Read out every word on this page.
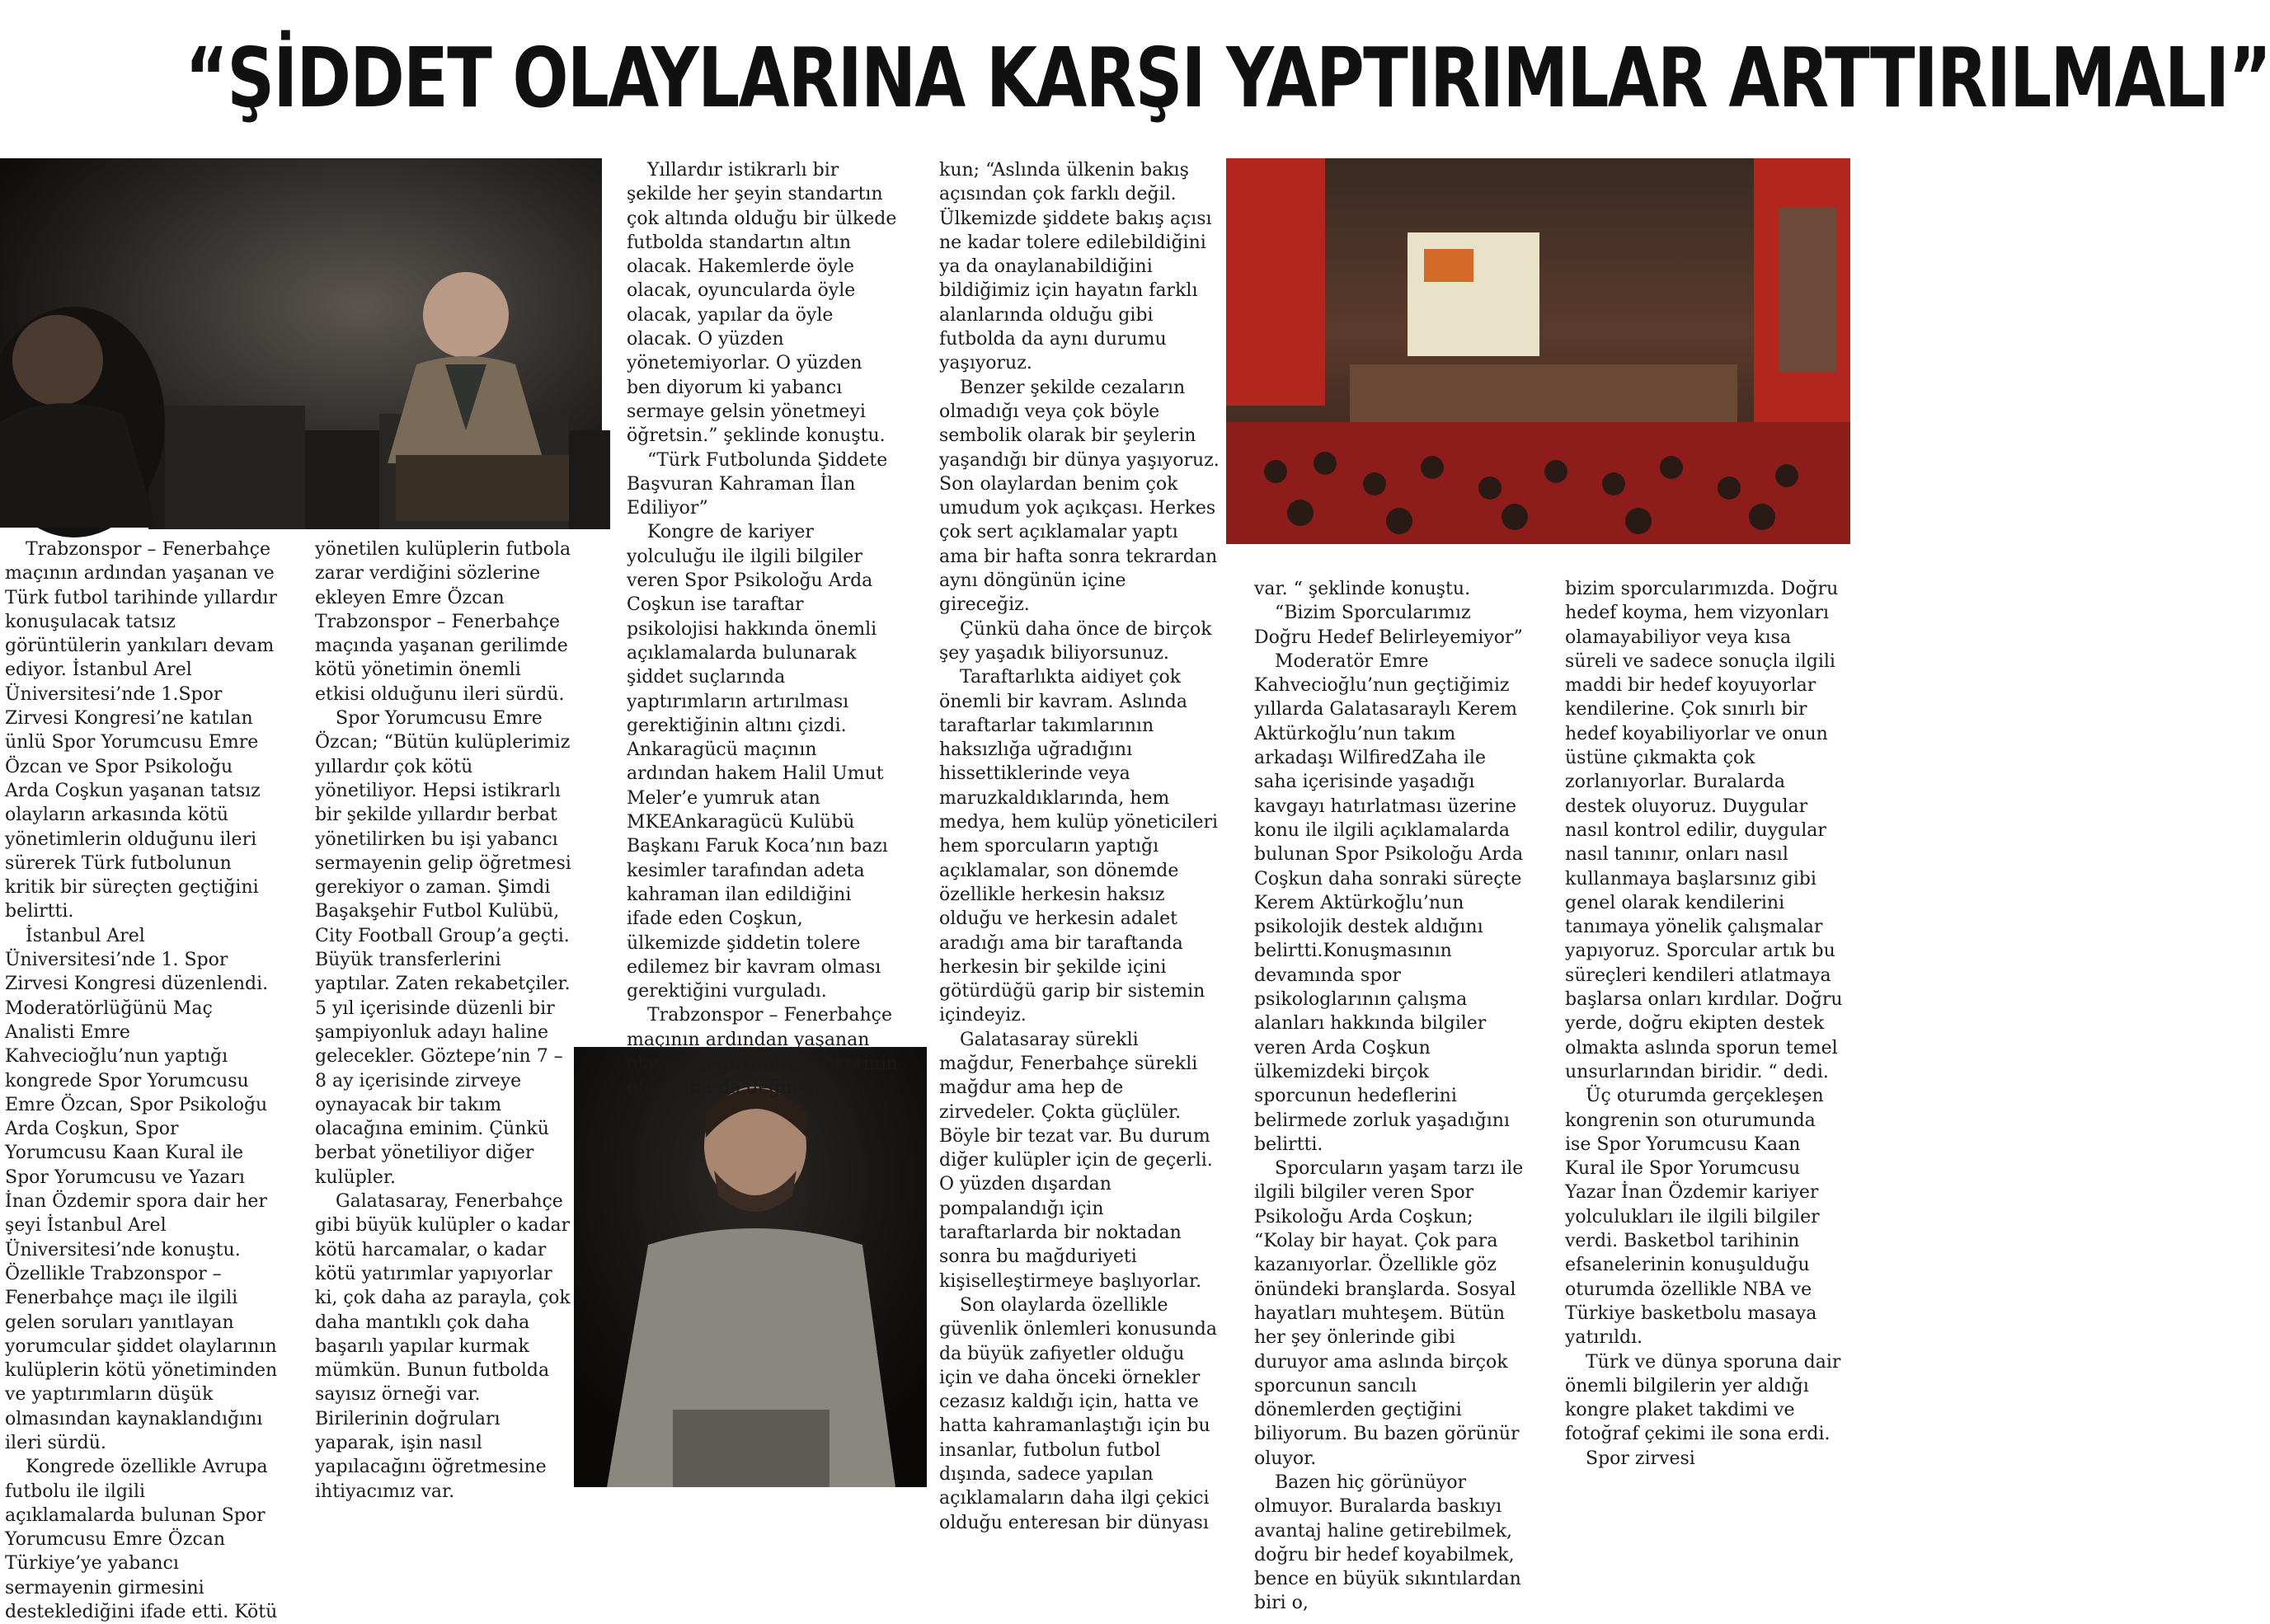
“ŞİDDET OLAYLARINA KARŞI YAPTIRIMLAR ARTTIRILMALI”

Trabzonspor – Fenerbahçe maçının ardından yaşanan ve Türk futbol tarihinde yıllardır konuşulacak tatsız görüntülerin yankıları devam ediyor. İstanbul Arel Üniversitesi’nde 1.Spor Zirvesi Kongresi’ne katılan ünlü Spor Yorumcusu Emre Özcan ve Spor Psikoloğu Arda Coşkun yaşanan tatsız olayların arkasında kötü yönetimlerin olduğunu ileri sürerek Türk futbolunun kritik bir süreçten geçtiğini belirtti.

İstanbul Arel Üniversitesi’nde 1. Spor Zirvesi Kongresi düzenlendi. Moderatörlüğünü Maç Analisti Emre Kahvecioğlu’nun yaptığı kongrede Spor Yorumcusu Emre Özcan, Spor Psikoloğu Arda Coşkun, Spor Yorumcusu Kaan Kural ile Spor Yorumcusu ve Yazarı İnan Özdemir spora dair her şeyi İstanbul Arel Üniversitesi’nde konuştu. Özellikle Trabzonspor – Fenerbahçe maçı ile ilgili gelen soruları yanıtlayan yorumcular şiddet olaylarının kulüplerin kötü yönetiminden ve yaptırımların düşük olmasından kaynaklandığını ileri sürdü.

Kongrede özellikle Avrupa futbolu ile ilgili açıklamalarda bulunan Spor Yorumcusu Emre Özcan Türkiye’ye yabancı sermayenin girmesini desteklediğini ifade etti. Kötü

yönetilen kulüplerin futbola zarar verdiğini sözlerine ekleyen Emre Özcan Trabzonspor – Fenerbahçe maçında yaşanan gerilimde kötü yönetimin önemli etkisi olduğunu ileri sürdü.

Spor Yorumcusu Emre Özcan; “Bütün kulüplerimiz yıllardır çok kötü yönetiliyor. Hepsi istikrarlı bir şekilde yıllardır berbat yönetilirken bu işi yabancı sermayenin gelip öğretmesi gerekiyor o zaman. Şimdi Başakşehir Futbol Kulübü, City Football Group’a geçti. Büyük transferlerini yaptılar. Zaten rekabetçiler. 5 yıl içerisinde düzenli bir şampiyonluk adayı haline gelecekler. Göztepe’nin 7 – 8 ay içerisinde zirveye oynayacak bir takım olacağına eminim. Çünkü berbat yönetiliyor diğer kulüpler.

Galatasaray, Fenerbahçe gibi büyük kulüpler o kadar kötü harcamalar, o kadar kötü yatırımlar yapıyorlar ki, çok daha az parayla, çok daha mantıklı çok daha başarılı yapılar kurmak mümkün. Bunun futbolda sayısız örneği var. Birilerinin doğruları yaparak, işin nasıl yapılacağını öğretmesine ihtiyacımız var.

Yıllardır istikrarlı bir şekilde her şeyin standartın çok altında olduğu bir ülkede futbolda standartın altın olacak. Hakemlerde öyle olacak, oyuncularda öyle olacak, yapılar da öyle olacak. O yüzden yönetemiyorlar. O yüzden ben diyorum ki yabancı sermaye gelsin yönetmeyi öğretsin.” şeklinde konuştu.

“Türk Futbolunda Şiddete Başvuran Kahraman İlan Ediliyor”

Kongre de kariyer yolculuğu ile ilgili bilgiler veren Spor Psikoloğu Arda Coşkun ise taraftar psikolojisi hakkında önemli açıklamalarda bulunarak şiddet suçlarında yaptırımların artırılması gerektiğinin altını çizdi. Ankaragücü maçının ardından hakem Halil Umut Meler’e yumruk atan MKEAnkaragücü Kulübü Başkanı Faruk Koca’nın bazı kesimler tarafından adeta kahraman ilan edildiğini ifade eden Coşkun, ülkemizde şiddetin tolere edilemez bir kavram olması gerektiğini vurguladı.

Trabzonspor – Fenerbahçe maçının ardından yaşanan olaylarda güvenlik zafiyetinin olduğuna da değinen Coş-

kun; “Aslında ülkenin bakış açısından çok farklı değil. Ülkemizde şiddete bakış açısı ne kadar tolere edilebildiğini ya da onaylanabildiğini bildiğimiz için hayatın farklı alanlarında olduğu gibi futbolda da aynı durumu yaşıyoruz.

Benzer şekilde cezaların olmadığı veya çok böyle sembolik olarak bir şeylerin yaşandığı bir dünya yaşıyoruz. Son olaylardan benim çok umudum yok açıkçası. Herkes çok sert açıklamalar yaptı ama bir hafta sonra tekrardan aynı döngünün içine gireceğiz.

Çünkü daha önce de birçok şey yaşadık biliyorsunuz.

Taraftarlıkta aidiyet çok önemli bir kavram. Aslında taraftarlar takımlarının haksızlığa uğradığını hissettiklerinde veya maruzkaldıklarında, hem medya, hem kulüp yöneticileri hem sporcuların yaptığı açıklamalar, son dönemde özellikle herkesin haksız olduğu ve herkesin adalet aradığı ama bir taraftanda herkesin bir şekilde içini götürdüğü garip bir sistemin içindeyiz.

Galatasaray sürekli mağdur, Fenerbahçe sürekli mağdur ama hep de zirvedeler. Çokta güçlüler. Böyle bir tezat var. Bu durum diğer kulüpler için de geçerli. O yüzden dışardan pompalandığı için taraftarlarda bir noktadan sonra bu mağduriyeti kişiselleştirmeye başlıyorlar.

Son olaylarda özellikle güvenlik önlemleri konusunda da büyük zafiyetler olduğu için ve daha önceki örnekler cezasız kaldığı için, hatta ve hatta kahramanlaştığı için bu insanlar, futbolun futbol dışında, sadece yapılan açıklamaların daha ilgi çekici olduğu enteresan bir dünyası

var. “ şeklinde konuştu.

“Bizim Sporcularımız Doğru Hedef Belirleyemiyor”

Moderatör Emre Kahvecioğlu’nun geçtiğimiz yıllarda Galatasaraylı Kerem Aktürkoğlu’nun takım arkadaşı WilfiredZaha ile saha içerisinde yaşadığı kavgayı hatırlatması üzerine konu ile ilgili açıklamalarda bulunan Spor Psikoloğu Arda Coşkun daha sonraki süreçte Kerem Aktürkoğlu’nun psikolojik destek aldığını belirtti.Konuşmasının devamında spor psikologlarının çalışma alanları hakkında bilgiler veren Arda Coşkun ülkemizdeki birçok sporcunun hedeflerini belirmede zorluk yaşadığını belirtti.

Sporcuların yaşam tarzı ile ilgili bilgiler veren Spor Psikoloğu Arda Coşkun; “Kolay bir hayat. Çok para kazanıyorlar. Özellikle göz önündeki branşlarda. Sosyal hayatları muhteşem. Bütün her şey önlerinde gibi duruyor ama aslında birçok sporcunun sancılı dönemlerden geçtiğini biliyorum. Bu bazen görünür oluyor.

Bazen hiç görünüyor olmuyor. Buralarda baskıyı avantaj haline getirebilmek, doğru bir hedef koyabilmek, bence en büyük sıkıntılardan biri o,

bizim sporcularımızda. Doğru hedef koyma, hem vizyonları olamayabiliyor veya kısa süreli ve sadece sonuçla ilgili maddi bir hedef koyuyorlar kendilerine. Çok sınırlı bir hedef koyabiliyorlar ve onun üstüne çıkmakta çok zorlanıyorlar. Buralarda destek oluyoruz. Duygular nasıl kontrol edilir, duygular nasıl tanınır, onları nasıl kullanmaya başlarsınız gibi genel olarak kendilerini tanımaya yönelik çalışmalar yapıyoruz. Sporcular artık bu süreçleri kendileri atlatmaya başlarsa onları kırdılar. Doğru yerde, doğru ekipten destek olmakta aslında sporun temel unsurlarından biridir. “ dedi.

Üç oturumda gerçekleşen kongrenin son oturumunda ise Spor Yorumcusu Kaan Kural ile Spor Yorumcusu Yazar İnan Özdemir kariyer yolculukları ile ilgili bilgiler verdi. Basketbol tarihinin efsanelerinin konuşulduğu oturumda özellikle NBA ve Türkiye basketbolu masaya yatırıldı.

Türk ve dünya sporuna dair önemli bilgilerin yer aldığı kongre plaket takdimi ve fotoğraf çekimi ile sona erdi.

Spor zirvesi
